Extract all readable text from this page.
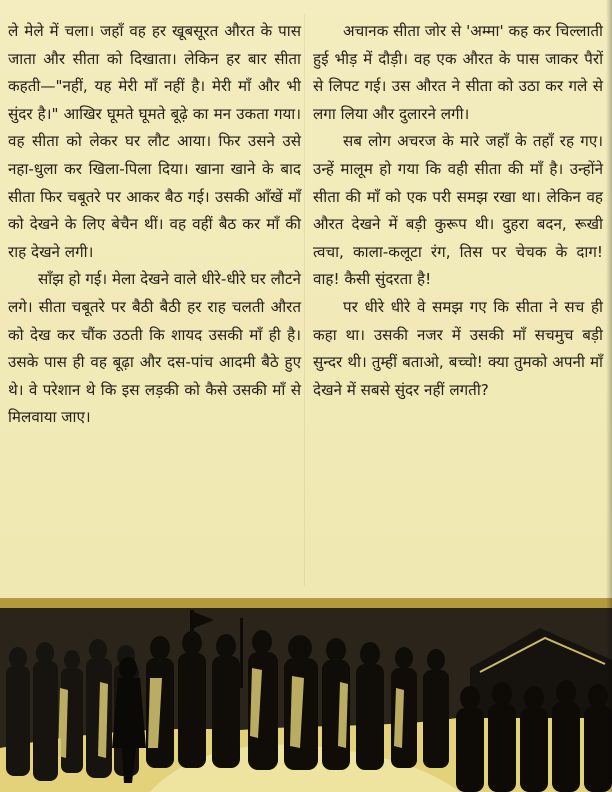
ले मेले में चला। जहाँ वह हर खूबसूरत औरत के पास जाता और सीता को दिखाता। लेकिन हर बार सीता कहती—"नहीं, यह मेरी माँ नहीं है। मेरी माँ और भी सुंदर है।" आखिर घूमते घूमते बूढ़े का मन उकता गया। वह सीता को लेकर घर लौट आया। फिर उसने उसे नहा-धुला कर खिला-पिला दिया। खाना खाने के बाद सीता फिर चबूतरे पर आकर बैठ गई। उसकी आँखें माँ को देखने के लिए बेचैन थीं। वह वहीं बैठ कर माँ की राह देखने लगी।

साँझ हो गई। मेला देखने वाले धीरे-धीरे घर लौटने लगे। सीता चबूतरे पर बैठी बैठी हर राह चलती औरत को देख कर चौंक उठती कि शायद उसकी माँ ही है। उसके पास ही वह बूढ़ा और दस-पांच आदमी बैठे हुए थे। वे परेशान थे कि इस लड़की को कैसे उसकी माँ से मिलवाया जाए।

अचानक सीता जोर से 'अम्मा' कह कर चिल्लाती हुई भीड़ में दौड़ी। वह एक औरत के पास जाकर पैरों से लिपट गई। उस औरत ने सीता को उठा कर गले से लगा लिया और दुलारने लगी।

सब लोग अचरज के मारे जहाँ के तहाँ रह गए। उन्हें मालूम हो गया कि वही सीता की माँ है। उन्होंने सीता की माँ को एक परी समझ रखा था। लेकिन वह औरत देखने में बड़ी कुरूप थी। दुहरा बदन, रूखी त्वचा, काला-कलूटा रंग, तिस पर चेचक के दाग! वाह! कैसी सुंदरता है!

पर धीरे धीरे वे समझ गए कि सीता ने सच ही कहा था। उसकी नजर में उसकी माँ सचमुच बड़ी सुन्दर थी। तुम्हीं बताओ, बच्चो! क्या तुमको अपनी माँ देखने में सबसे सुंदर नहीं लगती?
